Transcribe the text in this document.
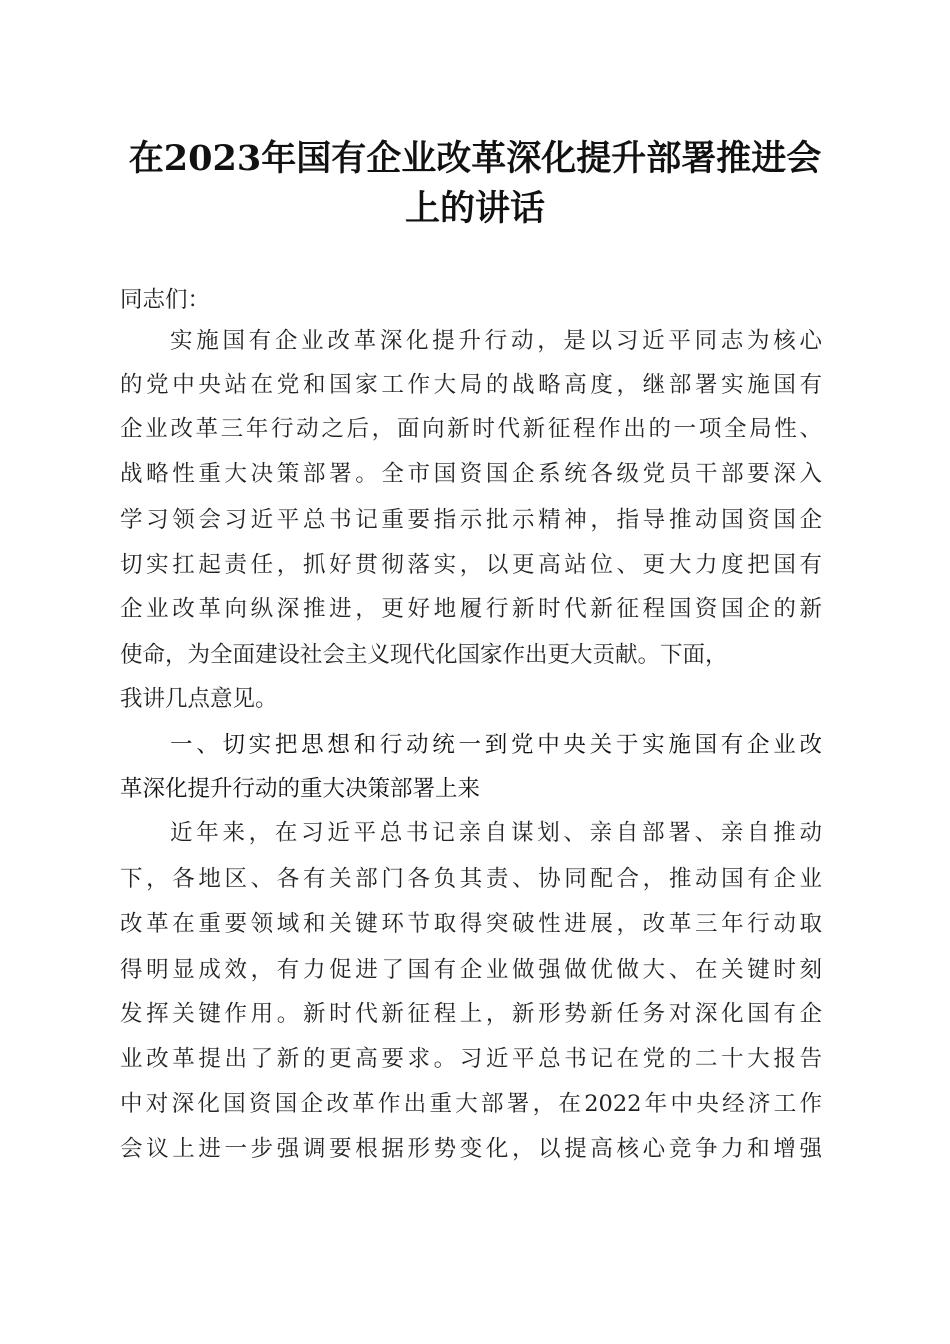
在2023年国有企业改革深化提升部署推进会
上的讲话
同志们：
实施国有企业改革深化提升行动，是以习近平同志为核心
的党中央站在党和国家工作大局的战略高度，继部署实施国有
企业改革三年行动之后，面向新时代新征程作出的一项全局性、
战略性重大决策部署。全市国资国企系统各级党员干部要深入
学习领会习近平总书记重要指示批示精神，指导推动国资国企
切实扛起责任，抓好贯彻落实，以更高站位、更大力度把国有
企业改革向纵深推进，更好地履行新时代新征程国资国企的新
使命，为全面建设社会主义现代化国家作出更大贡献。下面，
我讲几点意见。
一、切实把思想和行动统一到党中央关于实施国有企业改
革深化提升行动的重大决策部署上来
近年来，在习近平总书记亲自谋划、亲自部署、亲自推动
下，各地区、各有关部门各负其责、协同配合，推动国有企业
改革在重要领域和关键环节取得突破性进展，改革三年行动取
得明显成效，有力促进了国有企业做强做优做大、在关键时刻
发挥关键作用。新时代新征程上，新形势新任务对深化国有企
业改革提出了新的更高要求。习近平总书记在党的二十大报告
中对深化国资国企改革作出重大部署，在2022年中央经济工作
会议上进一步强调要根据形势变化，以提高核心竞争力和增强
